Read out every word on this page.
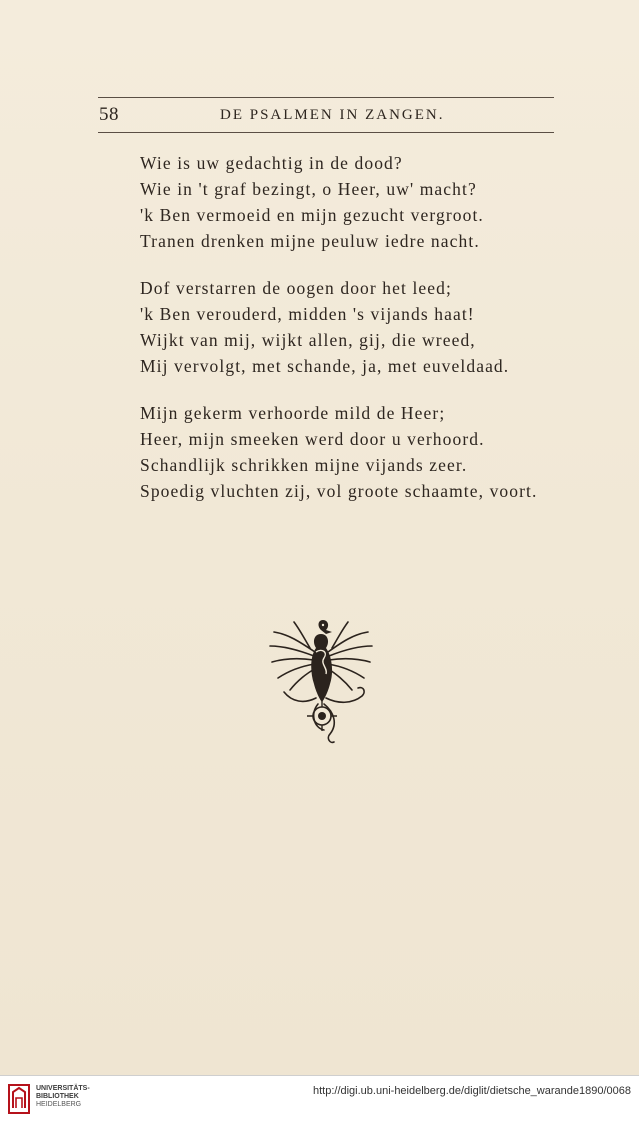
58	DE PSALMEN IN ZANGEN.
Wie is uw gedachtig in de dood?
Wie in 't graf bezingt, o Heer, uw' macht?
'k Ben vermoeid en mijn gezucht vergroot.
Tranen drenken mijne peuluw iedre nacht.
Dof verstarren de oogen door het leed;
'k Ben verouderd, midden 's vijands haat!
Wijkt van mij, wijkt allen, gij, die wreed,
Mij vervolgt, met schande, ja, met euveldaad.
Mijn gekerm verhoorde mild de Heer;
Heer, mijn smeeken werd door u verhoord.
Schandlijk schrikken mijne vijands zeer.
Spoedig vluchten zij, vol groote schaamte, voort.
UNIVERSITÄTS-
BIBLIOTHEK
HEIDELBERG
http://digi.ub.uni-heidelberg.de/diglit/dietsche_warande1890/0068
